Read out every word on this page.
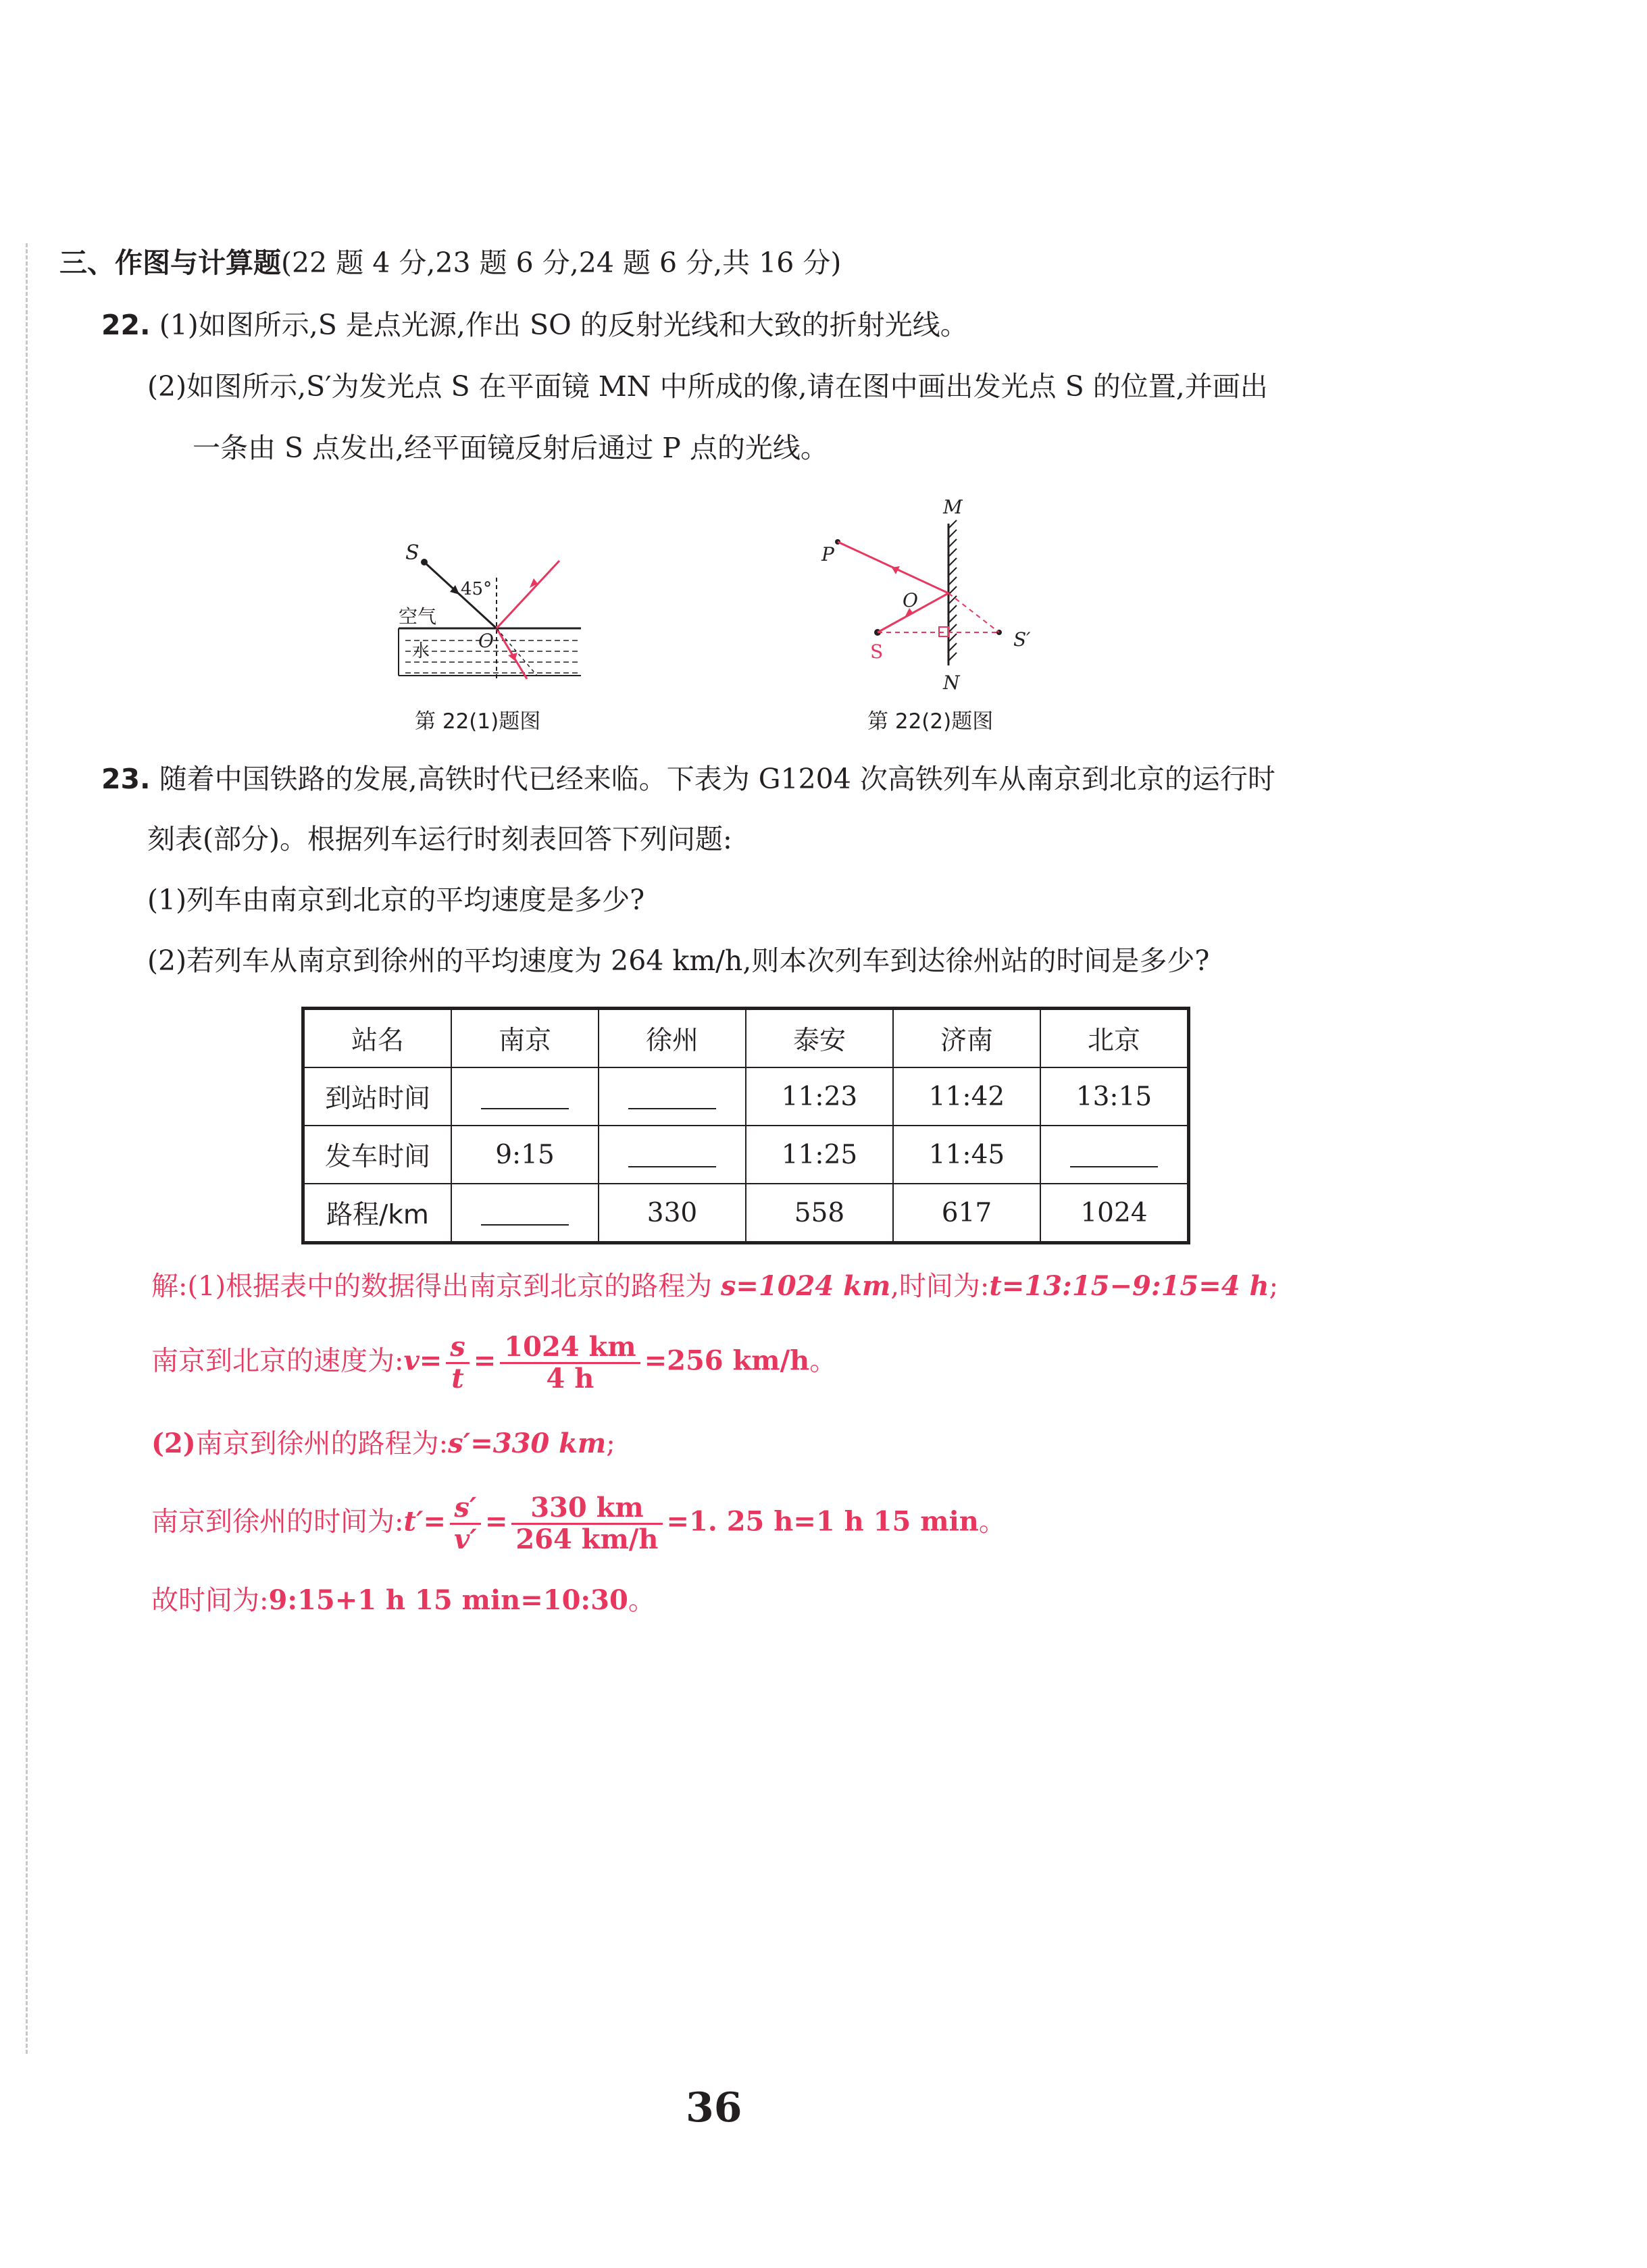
三、作图与计算题(22 题 4 分,23 题 6 分,24 题 6 分,共 16 分)
22. (1)如图所示,S 是点光源,作出 SO 的反射光线和大致的折射光线。
(2)如图所示,S′为发光点 S 在平面镜 MN 中所成的像,请在图中画出发光点 S 的位置,并画出
一条由 S 点发出,经平面镜反射后通过 P 点的光线。
S
45°
空气
水	O
第 22(1)题图
M
N
P
O
S
S′
第 22(2)题图
23. 随着中国铁路的发展,高铁时代已经来临。下表为 G1204 次高铁列车从南京到北京的运行时
刻表(部分)。根据列车运行时刻表回答下列问题:
(1)列车由南京到北京的平均速度是多少?
(2)若列车从南京到徐州的平均速度为 264 km/h,则本次列车到达徐州站的时间是多少?
站名	南京	徐州	泰安	济南	北京
到站时间			11:23	11:42	13:15
发车时间	9:15		11:25	11:45	
路程/km		330	558	617	1024
解:(1)根据表中的数据得出南京到北京的路程为 s=1024 km,时间为:t=13:15−9:15=4 h;
南京到北京的速度为:v= $\frac{s}{t} = \frac{1024 km}{4 h} =256$ km/h。
(2)南京到徐州的路程为:s′=330 km;
南京到徐州的时间为:t′= $\frac{s'}{v'} = \frac{330 km}{264 km/h} =1$. 25 h=1 h 15 min。
故时间为:9:15+1 h 15 min=10:30。
36
